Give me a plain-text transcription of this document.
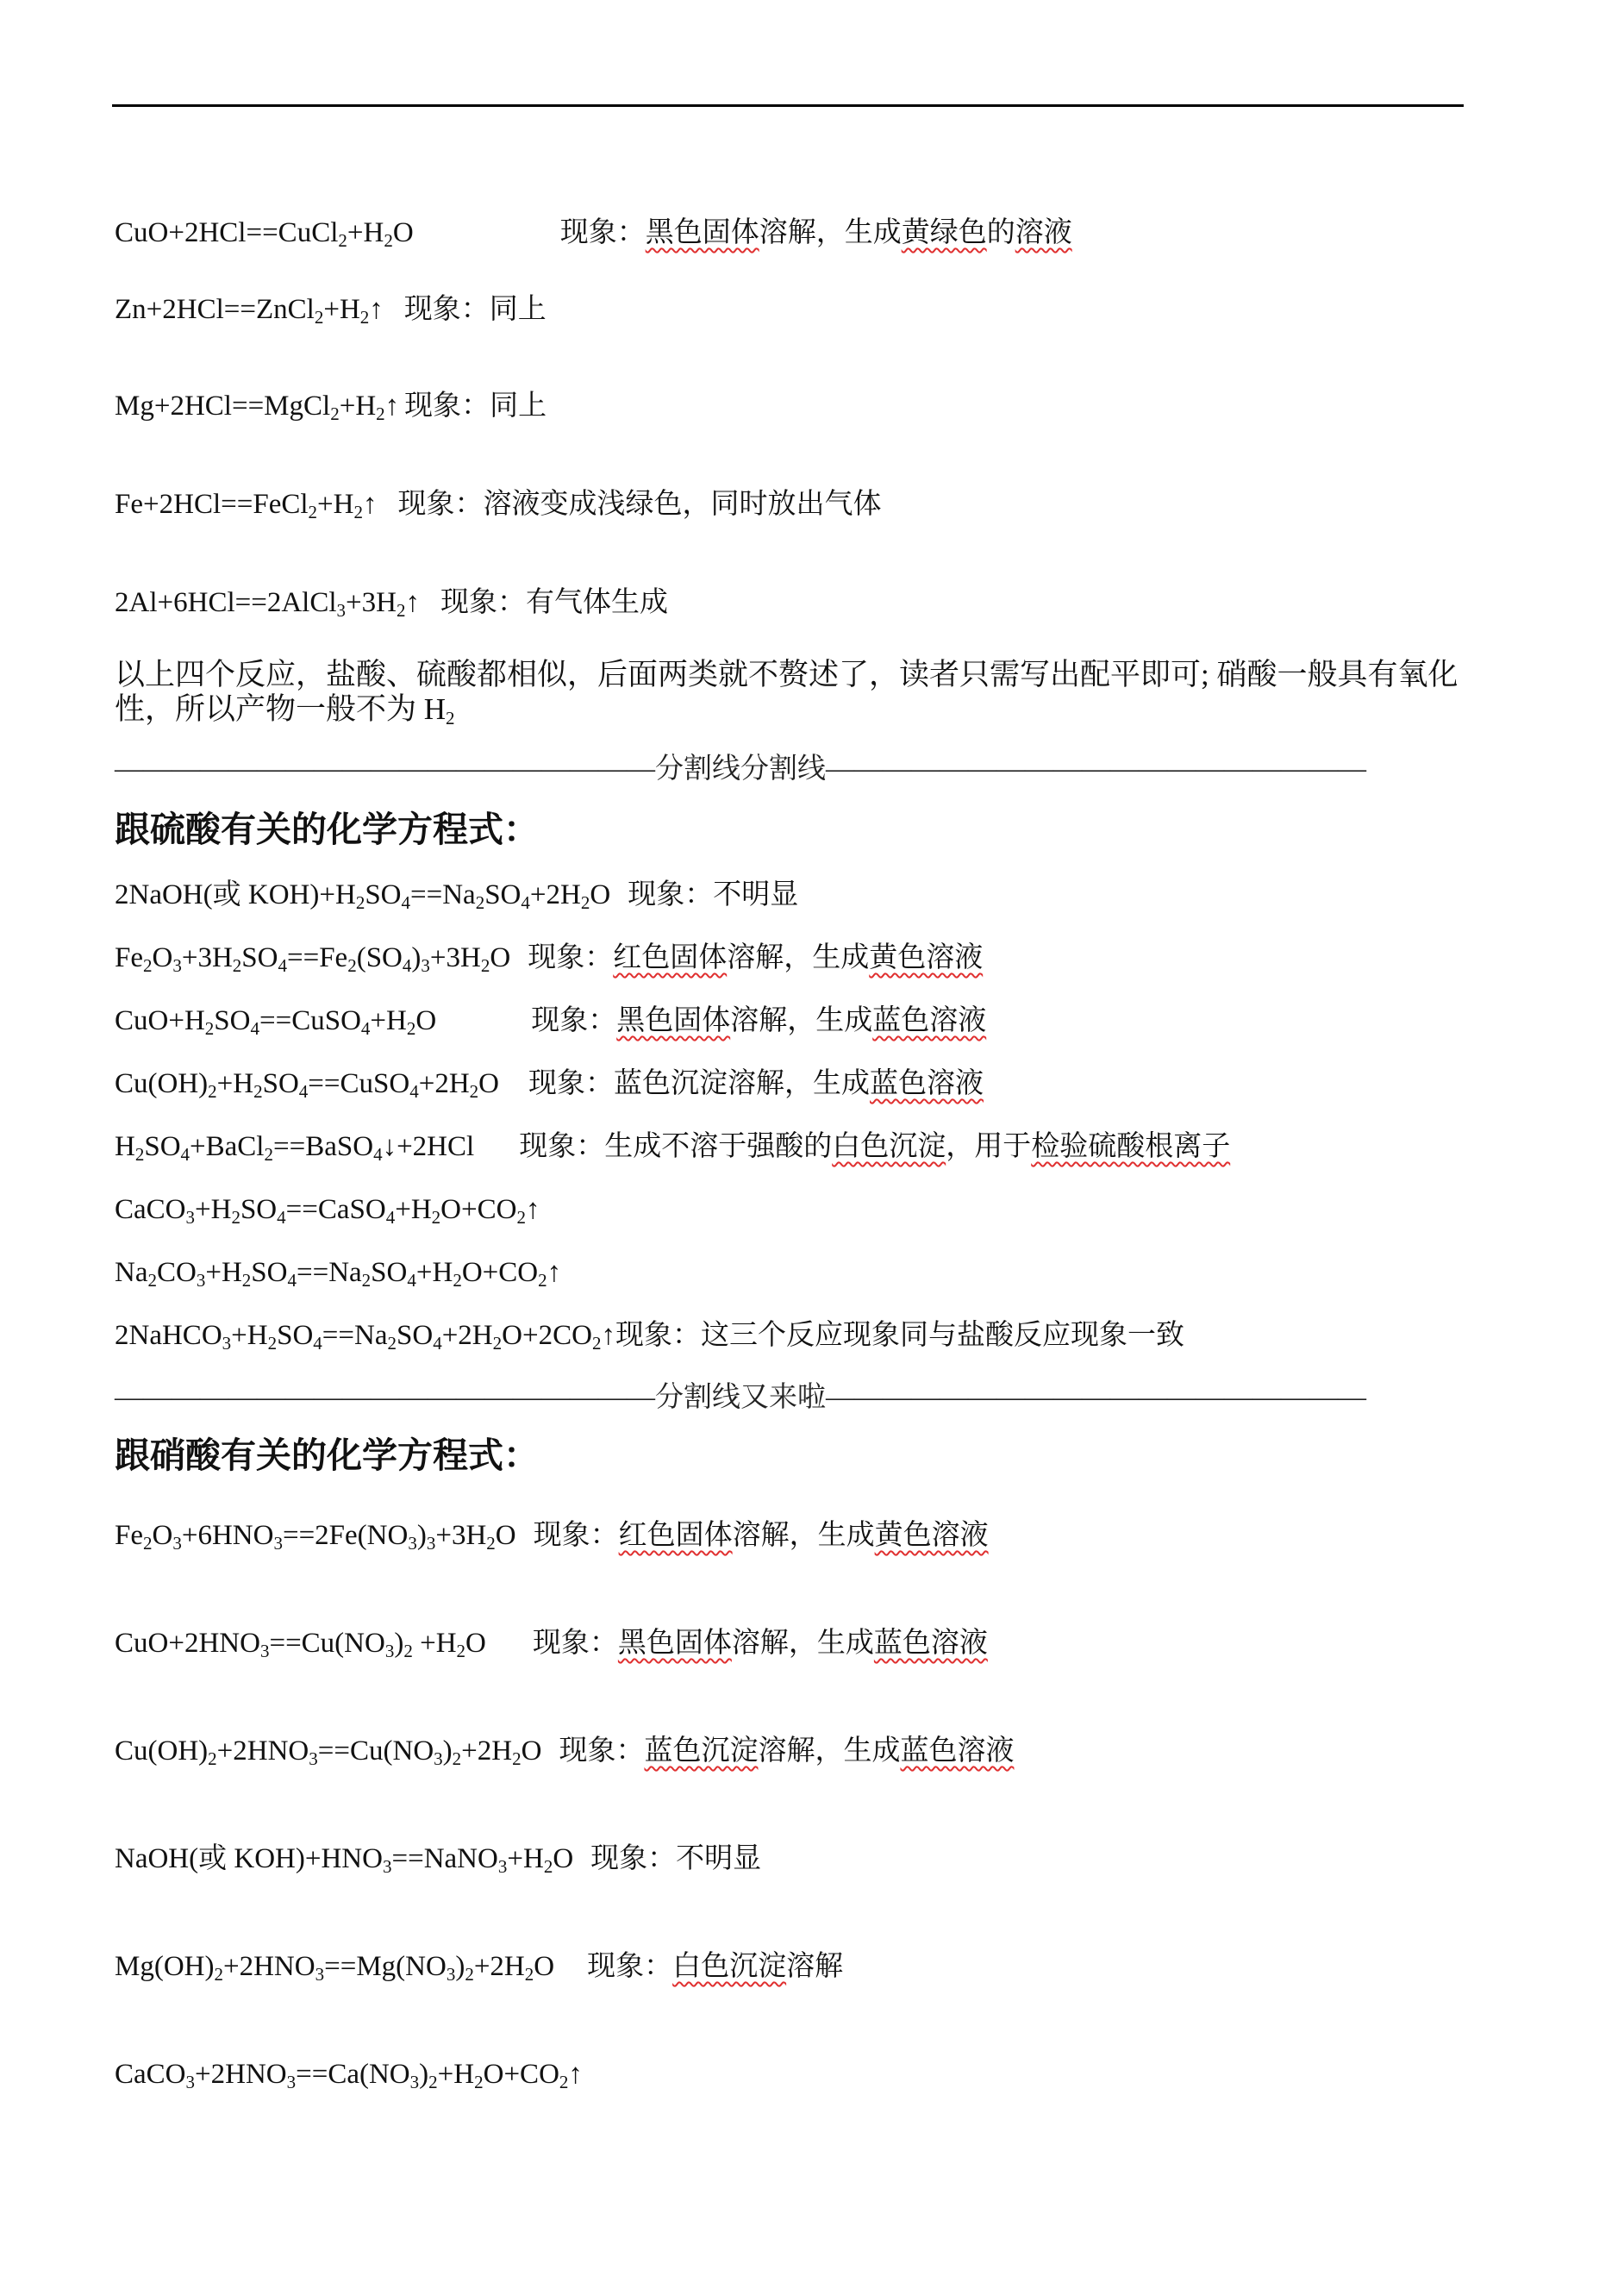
$CuO+2HCl==CuCl_2+H_2O$	现象：黑色固体溶解，生成黄绿色的溶液
$Zn+2HCl==ZnCl_2+H_2↑$ 现象：同上
$Mg+2HCl==MgCl_2+H_2↑$ 现象：同上
$Fe+2HCl==FeCl_2+H_2↑$ 现象：溶液变成浅绿色，同时放出气体
$2Al+6HCl==2AlCl_3+3H_2↑$ 现象：有气体生成
以上四个反应，盐酸、硫酸都相似，后面两类就不赘述了，读者只需写出配平即可; 硝酸一般具有氧化性，所以产物一般不为 $H_2$
———————————————————分割线分割线———————————————————
跟硫酸有关的化学方程式：
2NaOH(或 $KOH)+H_2SO_4==Na_2SO_4+2H_2O$ 现象：不明显
$Fe_2O_3+3H_2SO_4==Fe_2(SO_4)_3+3H_2O$ 现象：红色固体溶解，生成黄色溶液
$CuO+H_2SO_4==CuSO_4+H_2O$	现象：黑色固体溶解，生成蓝色溶液
$Cu(OH)_2+H_2SO_4==CuSO_4+2H_2O$ 现象：蓝色沉淀溶解，生成蓝色溶液
$H_2SO_4+BaCl_2==BaSO_4↓+2HCl$ 现象：生成不溶于强酸的白色沉淀，用于检验硫酸根离子
$CaCO_3+H_2SO_4==CaSO_4+H_2O+CO_2↑$
$Na_2CO_3+H_2SO_4==Na_2SO_4+H_2O+CO_2↑$
$2NaHCO_3+H_2SO_4==Na_2SO_4+2H_2O+2CO_2↑$现象：这三个反应现象同与盐酸反应现象一致
———————————————————分割线又来啦———————————————————
跟硝酸有关的化学方程式：
$Fe_2O_3+6HNO_3==2Fe(NO_3)_3+3H_2O$ 现象：红色固体溶解，生成黄色溶液
$CuO+2HNO_3==Cu(NO_3)_2 +H_2O$ 现象：黑色固体溶解，生成蓝色溶液
$Cu(OH)_2+2HNO_3==Cu(NO_3)_2+2H_2O$ 现象：蓝色沉淀溶解，生成蓝色溶液
NaOH(或 $KOH)+HNO_3==NaNO_3+H_2O$ 现象：不明显
$Mg(OH)_2+2HNO_3==Mg(NO_3)_2+2H_2O$ 现象：白色沉淀溶解
$CaCO_3+2HNO_3==Ca(NO_3)_2+H_2O+CO_2↑$
